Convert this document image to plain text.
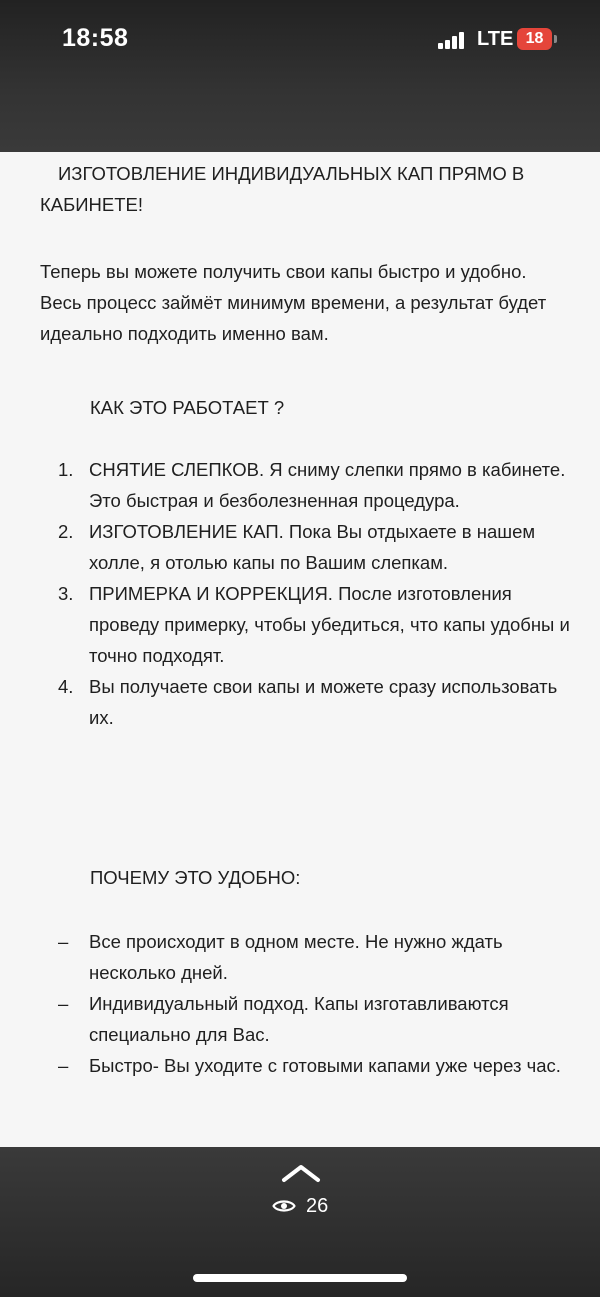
18:58	LTE 18

ИЗГОТОВЛЕНИЕ ИНДИВИДУАЛЬНЫХ КАП ПРЯМО В КАБИНЕТЕ!

Теперь вы можете получить свои капы быстро и удобно. Весь процесс займёт минимум времени, а результат будет идеально подходить именно вам.

КАК ЭТО РАБОТАЕТ ?

1. СНЯТИЕ СЛЕПКОВ. Я сниму слепки прямо в кабинете. Это быстрая и безболезненная процедура.
2. ИЗГОТОВЛЕНИЕ КАП. Пока Вы отдыхаете в нашем холле, я отолью капы по Вашим слепкам.
3. ПРИМЕРКА И КОРРЕКЦИЯ. После изготовления проведу примерку, чтобы убедиться, что капы удобны и точно подходят.
4. Вы получаете свои капы и можете сразу использовать их.

ПОЧЕМУ ЭТО УДОБНО:

– Все происходит в одном месте. Не нужно ждать несколько дней.
– Индивидуальный подход. Капы изготавливаются специально для Вас.
– Быстро- Вы уходите с готовыми капами уже через час.
26
